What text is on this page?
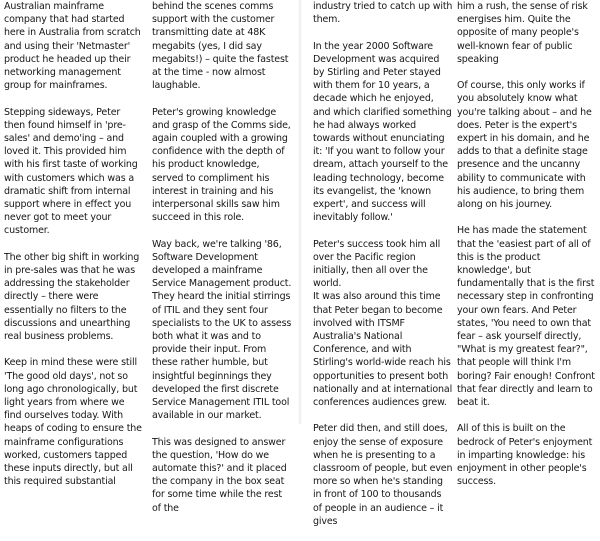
Australian mainframe company that had started here in Australia from scratch and using their 'Netmaster' product he headed up their networking management group for mainframes.

Stepping sideways, Peter then found himself in 'pre-sales' and demo'ing – and loved it. This provided him with his first taste of working with customers which was a dramatic shift from internal support where in effect you never got to meet your customer.

The other big shift in working in pre-sales was that he was addressing the stakeholder directly – there were essentially no filters to the discussions and unearthing real business problems.

Keep in mind these were still 'The good old days', not so long ago chronologically, but light years from where we find ourselves today. With heaps of coding to ensure the mainframe configurations worked, customers tapped these inputs directly, but all this required substantial

behind the scenes comms support with the customer transmitting date at 48K megabits (yes, I did say megabits!) – quite the fastest at the time - now almost laughable.

Peter's growing knowledge and grasp of the Comms side, again coupled with a growing confidence with the depth of his product knowledge, served to compliment his interest in training and his interpersonal skills saw him succeed in this role.

Way back, we're talking '86, Software Development developed a mainframe Service Management product. They heard the initial stirrings of ITIL and they sent four specialists to the UK to assess both what it was and to provide their input. From these rather humble, but insightful beginnings they developed the first discrete Service Management ITIL tool available in our market.

This was designed to answer the question, 'How do we automate this?' and it placed the company in the box seat for some time while the rest of the

industry tried to catch up with them.

In the year 2000 Software Development was acquired by Stirling and Peter stayed with them for 10 years, a decade which he enjoyed, and which clarified something he had always worked towards without enunciating it: 'If you want to follow your dream, attach yourself to the leading technology, become its evangelist, the 'known expert', and success will inevitably follow.'

Peter's success took him all over the Pacific region initially, then all over the world.
It was also around this time that Peter began to become involved with ITSMF Australia's National Conference, and with Stirling's world-wide reach his opportunities to present both nationally and at international conferences audiences grew.

Peter did then, and still does, enjoy the sense of exposure when he is presenting to a classroom of people, but even more so when he's standing in front of 100 to thousands of people in an audience – it gives

him a rush, the sense of risk energises him. Quite the opposite of many people's well-known fear of public speaking

Of course, this only works if you absolutely know what you're talking about – and he does. Peter is the expert's expert in his domain, and he adds to that a definite stage presence and the uncanny ability to communicate with his audience, to bring them along on his journey.

He has made the statement that the 'easiest part of all of this is the product knowledge', but fundamentally that is the first necessary step in confronting your own fears. And Peter states, 'You need to own that fear – ask yourself directly, "What is my greatest fear?", that people will think I'm boring? Fair enough! Confront that fear directly and learn to beat it.

All of this is built on the bedrock of Peter's enjoyment in imparting knowledge: his enjoyment in other people's success.
